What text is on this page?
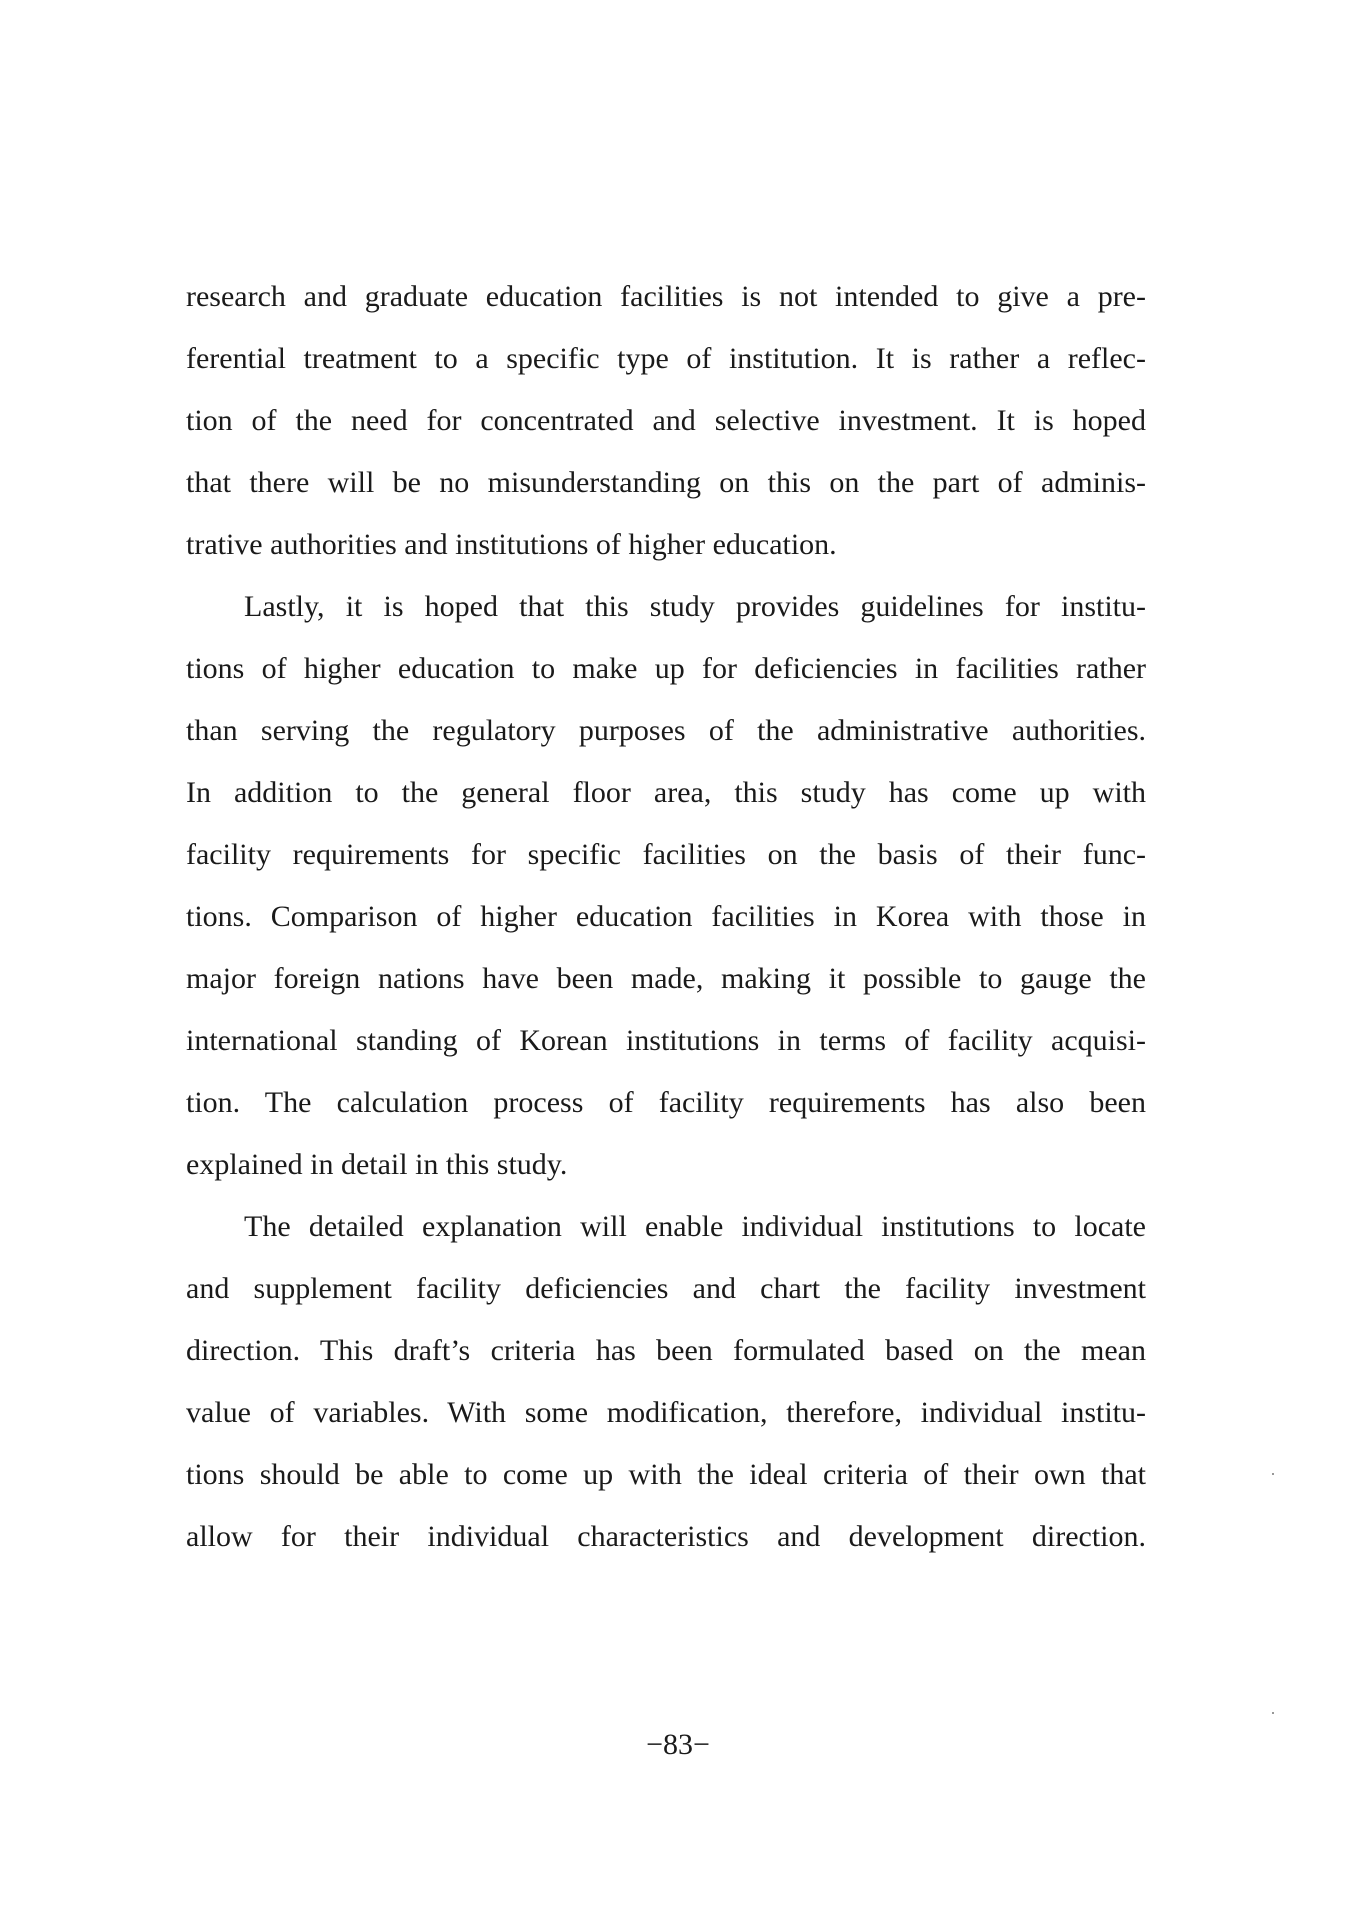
research and graduate education facilities is not intended to give a pre-
ferential treatment to a specific type of institution. It is rather a reflec-
tion of the need for concentrated and selective investment. It is hoped
that there will be no misunderstanding on this on the part of adminis-
trative authorities and institutions of higher education.
Lastly, it is hoped that this study provides guidelines for institu-
tions of higher education to make up for deficiencies in facilities rather
than serving the regulatory purposes of the administrative authorities.
In addition to the general floor area, this study has come up with
facility requirements for specific facilities on the basis of their func-
tions. Comparison of higher education facilities in Korea with those in
major foreign nations have been made, making it possible to gauge the
international standing of Korean institutions in terms of facility acquisi-
tion. The calculation process of facility requirements has also been
explained in detail in this study.
The detailed explanation will enable individual institutions to locate
and supplement facility deficiencies and chart the facility investment
direction. This draft’s criteria has been formulated based on the mean
value of variables. With some modification, therefore, individual institu-
tions should be able to come up with the ideal criteria of their own that
allow for their individual characteristics and development direction.
−83−
